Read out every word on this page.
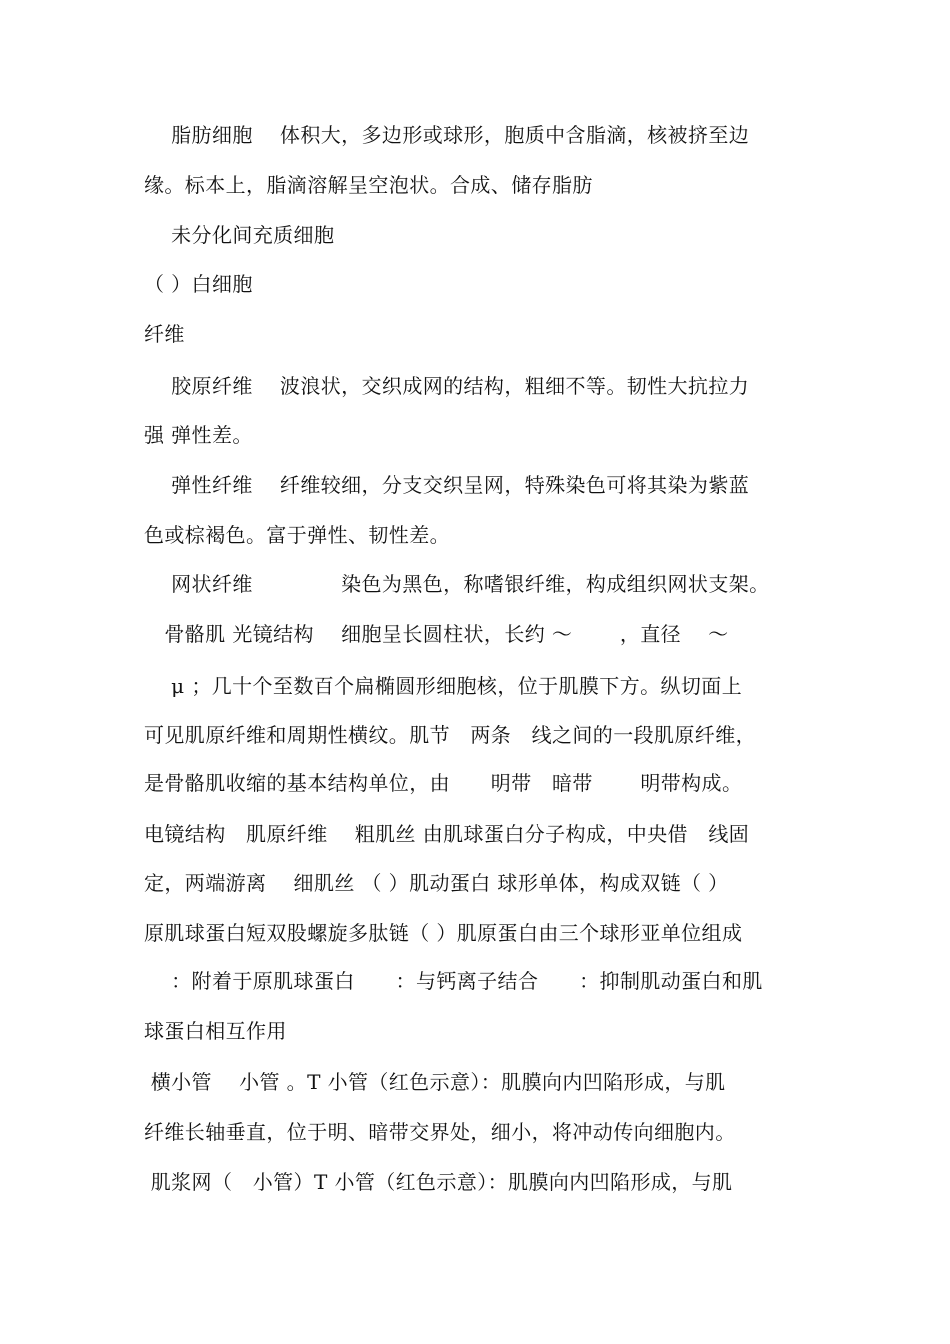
　 脂肪细胞　 体积大，多边形或球形，胞质中含脂滴，核被挤至边
缘。标本上，脂滴溶解呈空泡状。合成、储存脂肪
　 未分化间充质细胞
（ ）白细胞
纤维
　 胶原纤维　 波浪状，交织成网的结构，粗细不等。韧性大抗拉力
强 弹性差。
　 弹性纤维　 纤维较细，分支交织呈网，特殊染色可将其染为紫蓝
色或棕褐色。富于弹性、韧性差。
　 网状纤维　　　　 染色为黑色，称嗜银纤维，构成组织网状支架。
　骨骼肌 光镜结构　 细胞呈长圆柱状，长约 ～　　 ，直径　 ～
　 μ ；几十个至数百个扁椭圆形细胞核，位于肌膜下方。纵切面上
可见肌原纤维和周期性横纹。肌节　两条　线之间的一段肌原纤维，
是骨骼肌收缩的基本结构单位，由　　明带　暗带　　 明带构成。
电镜结构　肌原纤维　 粗肌丝 由肌球蛋白分子构成，中央借　线固
定，两端游离　 细肌丝 （ ）肌动蛋白 球形单体，构成双链（ ）
原肌球蛋白短双股螺旋多肽链（ ）肌原蛋白由三个球形亚单位组成
　 ：附着于原肌球蛋白　　：与钙离子结合　　：抑制肌动蛋白和肌
球蛋白相互作用
横小管　 小管 。T 小管（红色示意）：肌膜向内凹陷形成，与肌
纤维长轴垂直，位于明、暗带交界处，细小，将冲动传向细胞内。
肌浆网（　小管）T 小管（红色示意）：肌膜向内凹陷形成，与肌
